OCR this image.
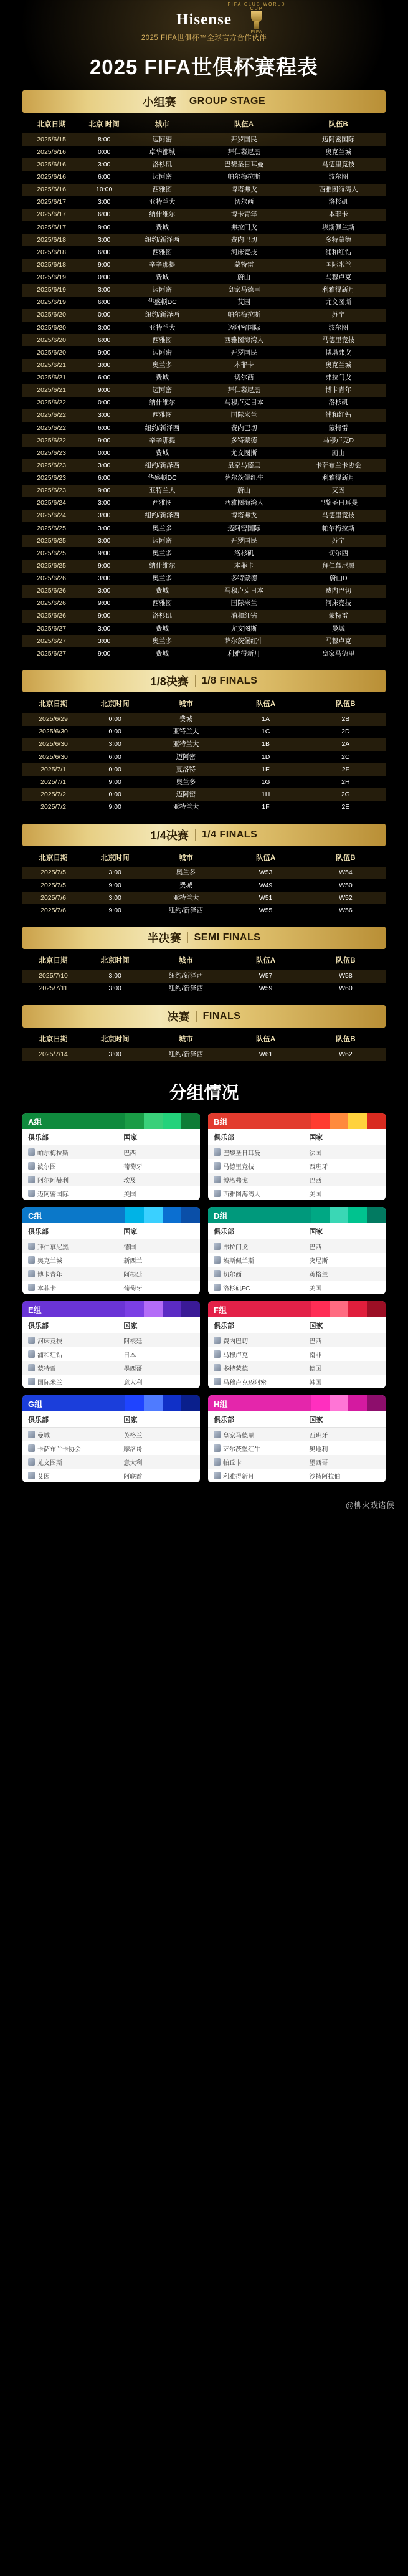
FIFA CLUB WORLD CUP
FIFA
Hisense
2025 FIFA世俱杯™全球官方合作伙伴
2025 FIFA世俱杯赛程表
小组赛 GROUP STAGE
北京日期	北京 时间	城市	队伍A	队伍B
2025/6/15	8:00	迈阿密	开罗国民	迈阿密国际
2025/6/16	0:00	卓华都城	拜仁慕尼黑	奥克兰城
2025/6/16	3:00	洛杉矶	巴黎圣日耳曼	马德里竞技
2025/6/16	6:00	迈阿密	帕尔梅拉斯	波尔图
2025/6/16	10:00	西雅图	博塔弗戈	西雅图海湾人
2025/6/17	3:00	亚特兰大	切尔西	洛杉矶
2025/6/17	6:00	纳什维尔	博卡青年	本菲卡
2025/6/17	9:00	费城	弗拉门戈	埃斯佩兰斯
2025/6/18	3:00	纽约/新泽西	费内巴切	多特蒙德
2025/6/18	6:00	西雅图	河床竞技	浦和红钻
2025/6/18	9:00	辛辛那提	蒙特雷	国际米兰
2025/6/19	0:00	费城	蔚山	马穆卢克
2025/6/19	3:00	迈阿密	皇家马德里	利雅得新月
2025/6/19	6:00	华盛顿DC	艾因	尤文图斯
2025/6/20	0:00	纽约/新泽西	帕尔梅拉斯	苏宁
2025/6/20	3:00	亚特兰大	迈阿密国际	波尔图
2025/6/20	6:00	西雅图	西雅图海湾人	马德里竞技
2025/6/20	9:00	迈阿密	开罗国民	博塔弗戈
2025/6/21	3:00	奥兰多	本菲卡	奥克兰城
2025/6/21	6:00	费城	切尔西	弗拉门戈
2025/6/21	9:00	迈阿密	拜仁慕尼黑	博卡青年
2025/6/22	0:00	纳什维尔	马穆卢克日本	洛杉矶
2025/6/22	3:00	西雅图	国际米兰	浦和红钻
2025/6/22	6:00	纽约/新泽西	费内巴切	蒙特雷
2025/6/22	9:00	辛辛那提	多特蒙德	马穆卢克D
2025/6/23	0:00	费城	尤文图斯	蔚山
2025/6/23	3:00	纽约/新泽西	皇家马德里	卡萨布兰卡协会
2025/6/23	6:00	华盛顿DC	萨尔茨堡红牛	利雅得新月
2025/6/23	9:00	亚特兰大	蔚山	艾因
2025/6/24	3:00	西雅图	西雅图海湾人	巴黎圣日耳曼
2025/6/24	3:00	纽约/新泽西	博塔弗戈	马德里竞技
2025/6/25	3:00	奥兰多	迈阿密国际	帕尔梅拉斯
2025/6/25	3:00	迈阿密	开罗国民	苏宁
2025/6/25	9:00	奥兰多	洛杉矶	切尔西
2025/6/25	9:00	纳什维尔	本菲卡	拜仁慕尼黑
2025/6/26	3:00	奥兰多	多特蒙德	蔚山D
2025/6/26	3:00	费城	马穆卢克日本	费内巴切
2025/6/26	9:00	西雅图	国际米兰	河床竞技
2025/6/26	9:00	洛杉矶	浦和红钻	蒙特雷
2025/6/27	3:00	费城	尤文图斯	曼城
2025/6/27	3:00	奥兰多	萨尔茨堡红牛	马穆卢克
2025/6/27	9:00	费城	利雅得新月	皇家马德里
1/8决赛 1/8 FINALS
北京日期	北京时间	城市	队伍A	队伍B
2025/6/29	0:00	费城	1A	2B
2025/6/30	0:00	亚特兰大	1C	2D
2025/6/30	3:00	亚特兰大	1B	2A
2025/6/30	6:00	迈阿密	1D	2C
2025/7/1	0:00	夏洛特	1E	2F
2025/7/1	9:00	奥兰多	1G	2H
2025/7/2	0:00	迈阿密	1H	2G
2025/7/2	9:00	亚特兰大	1F	2E
1/4决赛 1/4 FINALS
北京日期	北京时间	城市	队伍A	队伍B
2025/7/5	3:00	奥兰多	W53	W54
2025/7/5	9:00	费城	W49	W50
2025/7/6	3:00	亚特兰大	W51	W52
2025/7/6	9:00	纽约/新泽西	W55	W56
半决赛 SEMI FINALS
北京日期	北京时间	城市	队伍A	队伍B
2025/7/10	3:00	纽约/新泽西	W57	W58
2025/7/11	3:00	纽约/新泽西	W59	W60
决赛 FINALS
北京日期	北京时间	城市	队伍A	队伍B
2025/7/14	3:00	纽约/新泽西	W61	W62
分组情况
A组
俱乐部	国家
帕尔梅拉斯	巴西
波尔图	葡萄牙
阿尔阿赫利	埃及
迈阿密国际	美国
B组
俱乐部	国家
巴黎圣日耳曼	法国
马德里竞技	西班牙
博塔弗戈	巴西
西雅图海湾人	美国
C组
俱乐部	国家
拜仁慕尼黑	德国
奥克兰城	新西兰
博卡青年	阿根廷
本菲卡	葡萄牙
D组
俱乐部	国家
弗拉门戈	巴西
埃斯佩兰斯	突尼斯
切尔西	英格兰
洛杉矶FC	美国
E组
俱乐部	国家
河床竞技	阿根廷
浦和红钻	日本
蒙特雷	墨西哥
国际米兰	意大利
F组
俱乐部	国家
费内巴切	巴西
马穆卢克	南非
多特蒙德	德国
马穆卢克迈阿密	韩国
G组
俱乐部	国家
曼城	英格兰
卡萨布兰卡协会	摩洛哥
尤文图斯	意大利
艾因	阿联酋
H组
俱乐部	国家
皇家马德里	西班牙
萨尔茨堡红牛	奥地利
帕丘卡	墨西哥
利雅得新月	沙特阿拉伯
@柳火戏诸侯
